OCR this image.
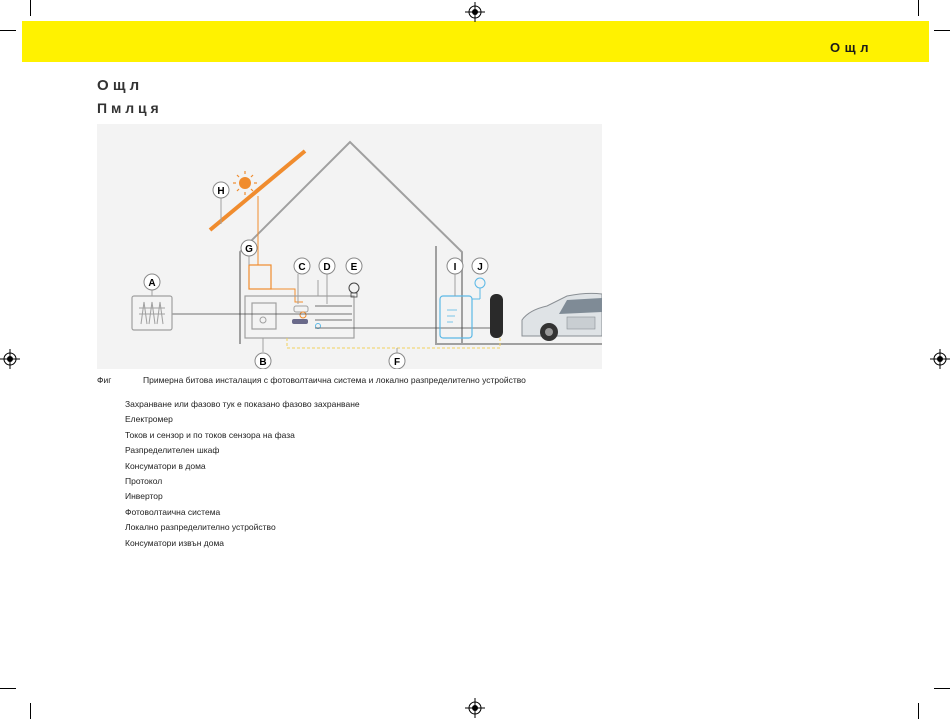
О щ л
О щ л
П м л ц я
H
G
C D E
A
I J
B	F
Фиг	Примерна битова инсталация с фотоволтаична система и локално разпределително устройство
Захранване или фазово тук е показано фазово захранване
Електромер
Токов и сензор и по токов сензора на фаза
Разпределителен шкаф
Консуматори в дома
Протокол
Инвертор
Фотоволтаична система
Локално разпределително устройство
Консуматори извън дома
